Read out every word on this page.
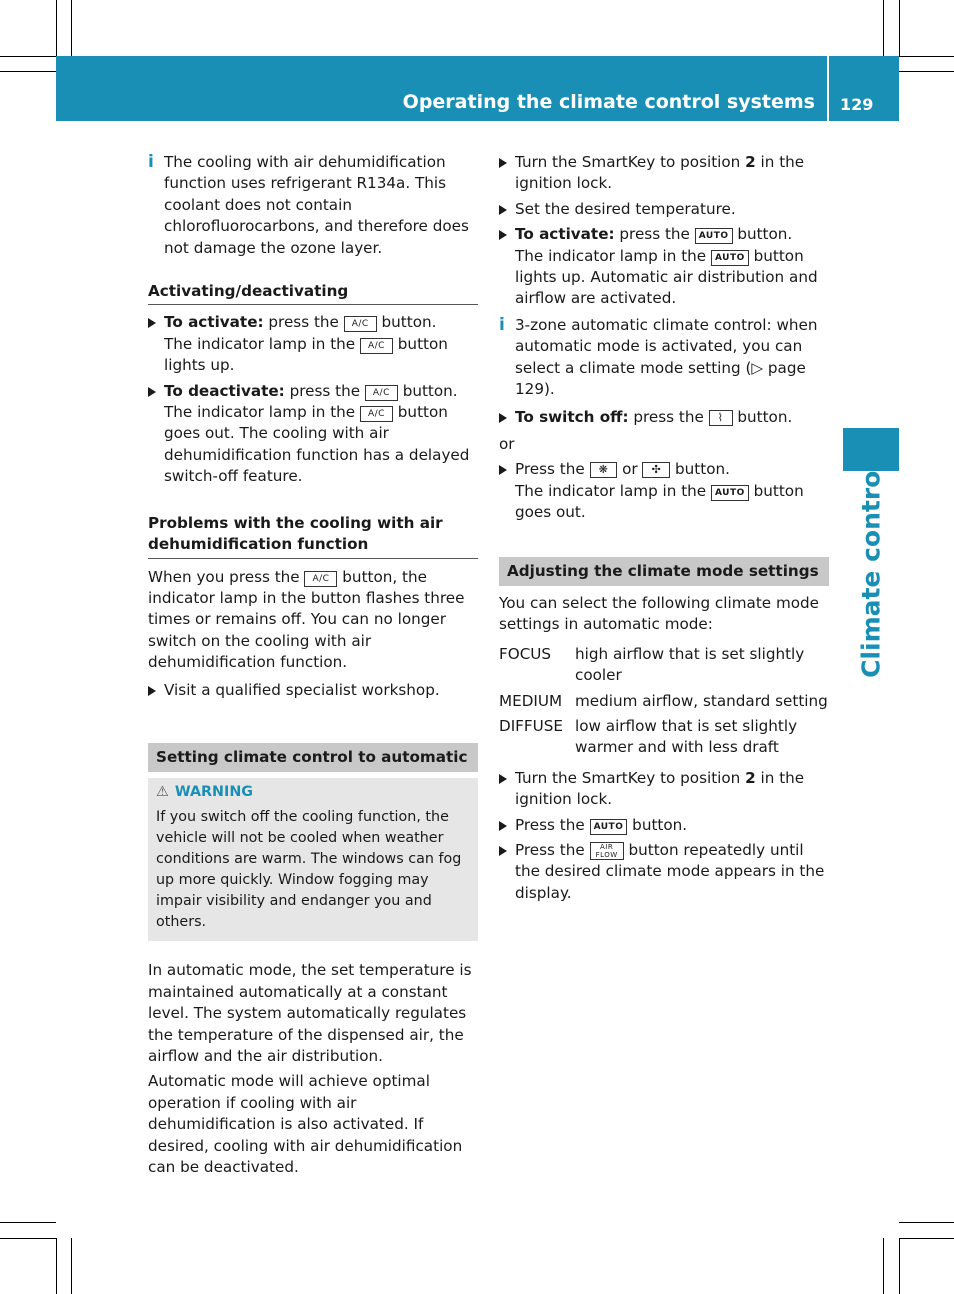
Operating the climate control systems 129
Climate control
i The cooling with air dehumidification function uses refrigerant R134a. This coolant does not contain chlorofluorocarbons, and therefore does not damage the ozone layer.

Activating/deactivating

To activate: press the A/C button.

The indicator lamp in the A/C button lights up.

To deactivate: press the A/C button.

The indicator lamp in the A/C button goes out. The cooling with air dehumidification function has a delayed switch-off feature.

Problems with the cooling with air dehumidification function

When you press the A/C button, the indicator lamp in the button flashes three times or remains off. You can no longer switch on the cooling with air dehumidification function.

Visit a qualified specialist workshop.

Setting climate control to automatic

⚠ WARNING

If you switch off the cooling function, the vehicle will not be cooled when weather conditions are warm. The windows can fog up more quickly. Window fogging may impair visibility and endanger you and others.

In automatic mode, the set temperature is maintained automatically at a constant level. The system automatically regulates the temperature of the dispensed air, the airflow and the air distribution.

Automatic mode will achieve optimal operation if cooling with air dehumidification is also activated. If desired, cooling with air dehumidification can be deactivated.

Turn the SmartKey to position 2 in the ignition lock.

Set the desired temperature.

To activate: press the AUTO button.

The indicator lamp in the AUTO button lights up. Automatic air distribution and airflow are activated.

i 3-zone automatic climate control: when automatic mode is activated, you can select a climate mode setting (▷ page 129).

To switch off: press the ⌇ button.

or

Press the ❋ or ✣ button.

The indicator lamp in the AUTO button goes out.

Adjusting the climate mode settings

You can select the following climate mode settings in automatic mode:

FOCUS	high airflow that is set slightly cooler
MEDIUM medium airflow, standard setting
DIFFUSE low airflow that is set slightly warmer and with less draft

Turn the SmartKey to position 2 in the ignition lock.

Press the AUTO button.

Press the AIR
FLOW button repeatedly until the desired climate mode appears in the display.
